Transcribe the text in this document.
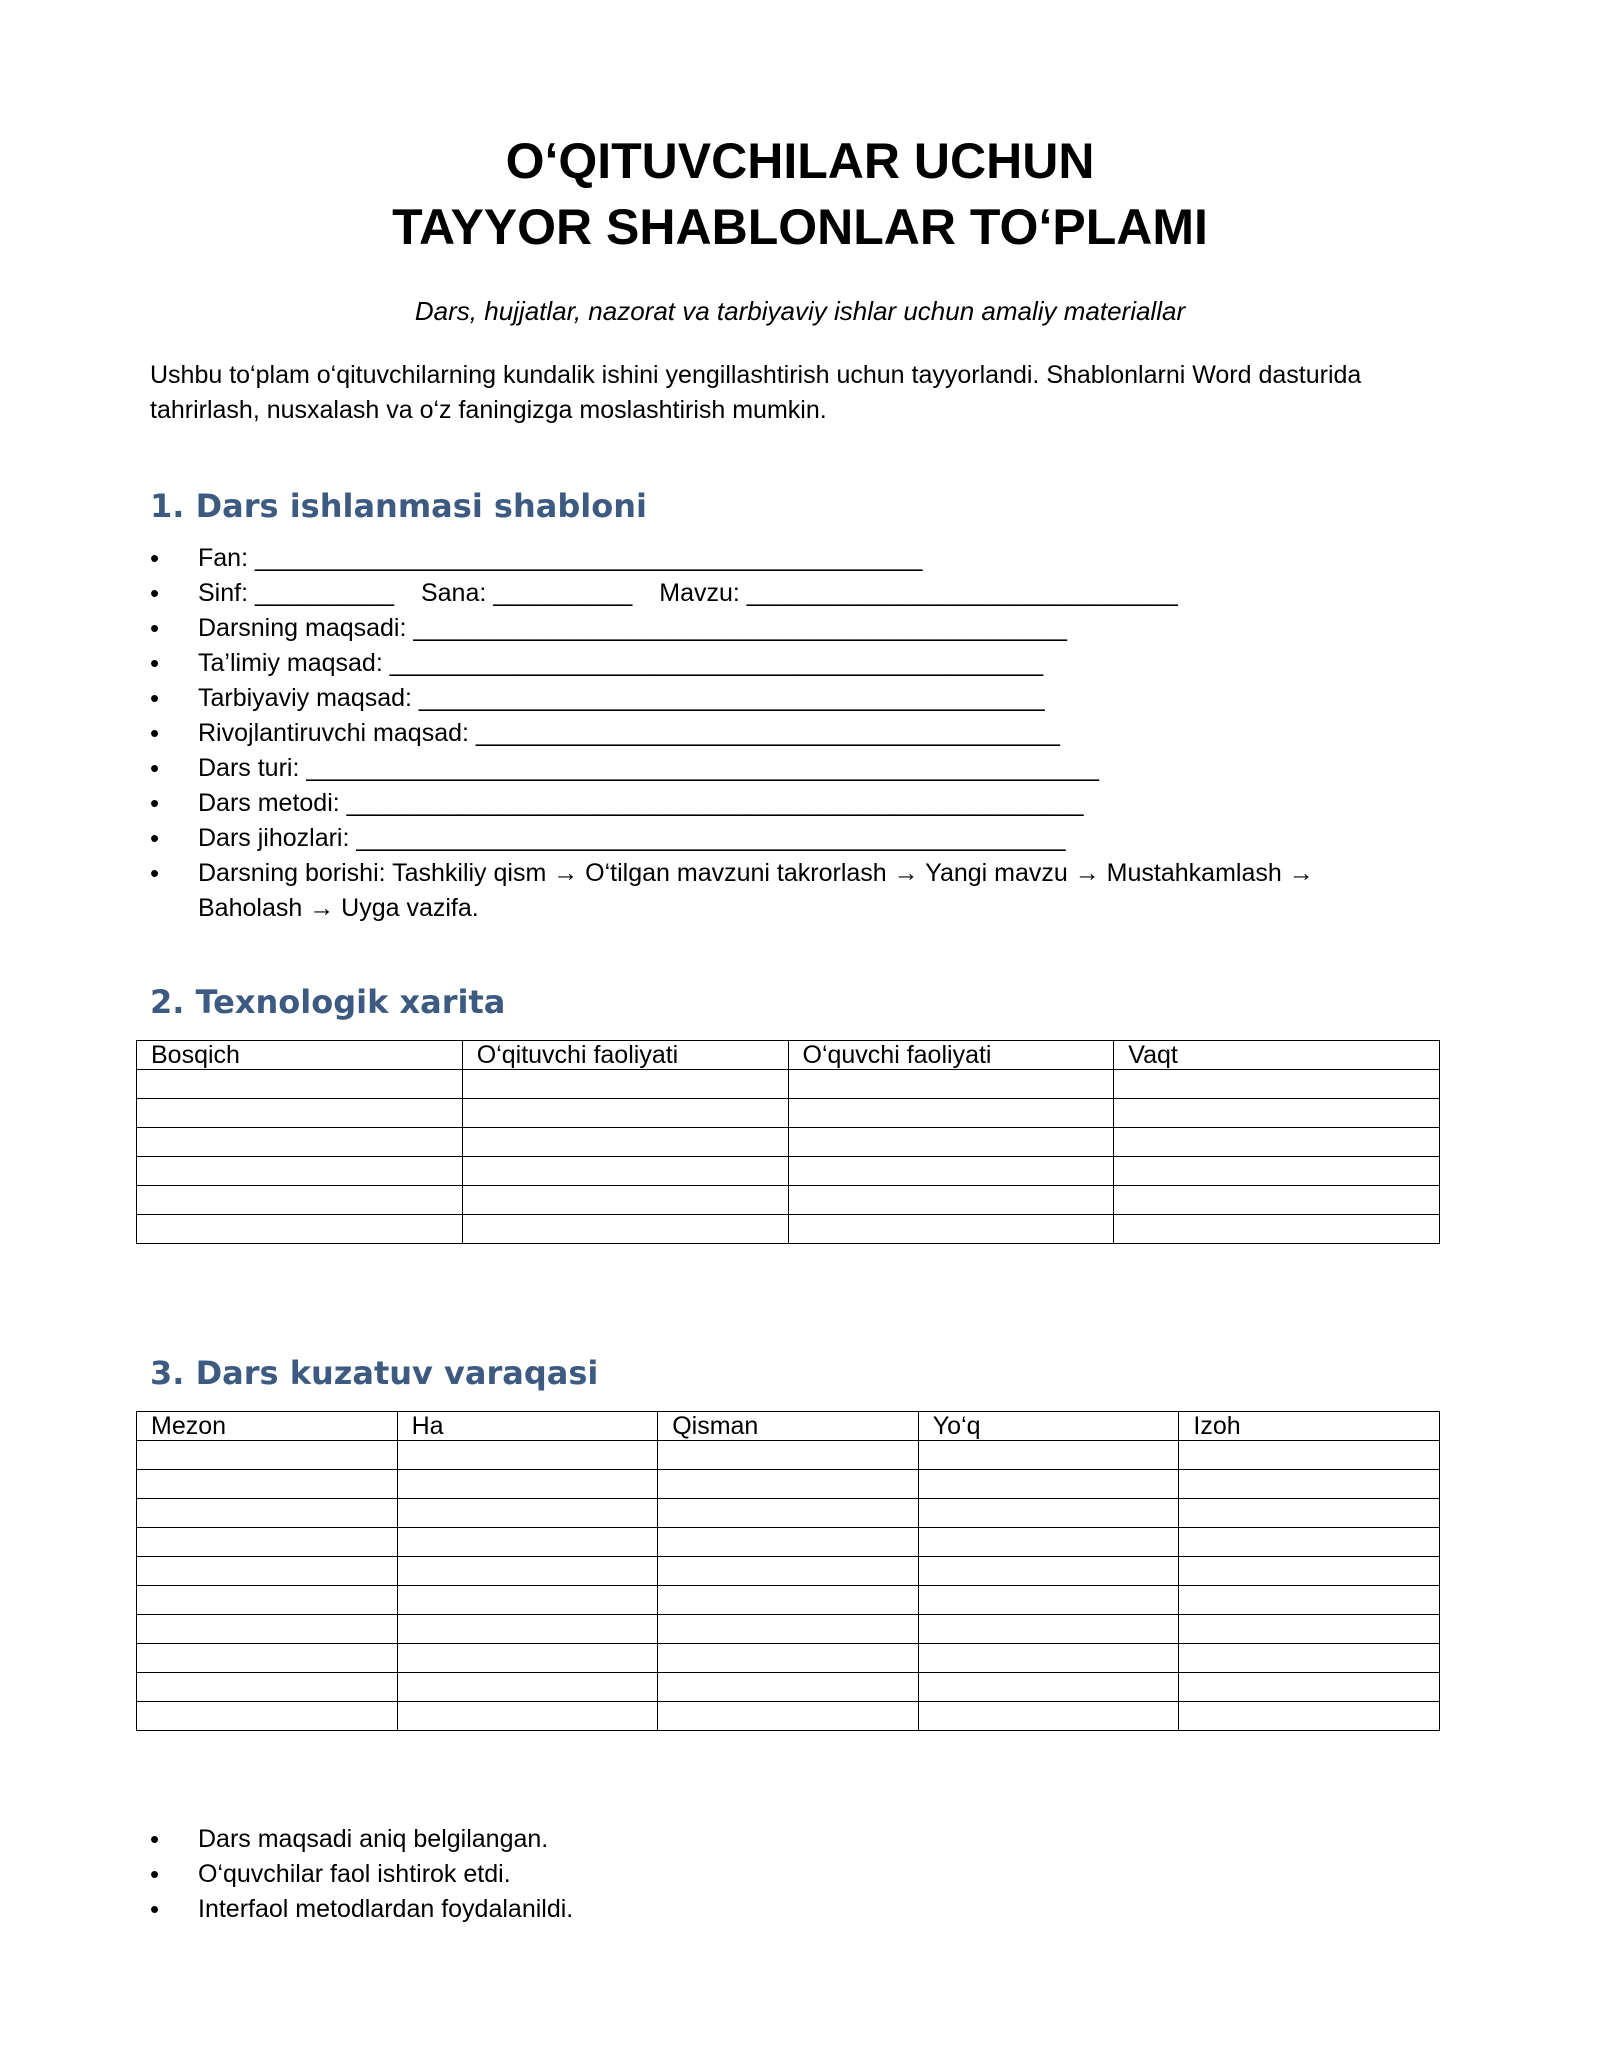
O‘QITUVCHILAR UCHUN
TAYYOR SHABLONLAR TO‘PLAMI
Dars, hujjatlar, nazorat va tarbiyaviy ishlar uchun amaliy materiallar
Ushbu to‘plam o‘qituvchilarning kundalik ishini yengillashtirish uchun tayyorlandi. Shablonlarni Word dasturida tahrirlash, nusxalash va o‘z faningizga moslashtirish mumkin.
1. Dars ishlanmasi shabloni
• Fan: ________________________________________________
• Sinf: __________ Sana: __________ Mavzu: _______________________________
• Darsning maqsadi: _______________________________________________
• Ta’limiy maqsad: _______________________________________________
• Tarbiyaviy maqsad: _____________________________________________
• Rivojlantiruvchi maqsad: __________________________________________
• Dars turi: _________________________________________________________
• Dars metodi: _____________________________________________________
• Dars jihozlari: ___________________________________________________
• Darsning borishi: Tashkiliy qism → O‘tilgan mavzuni takrorlash → Yangi mavzu → Mustahkamlash → Baholash → Uyga vazifa.
2. Texnologik xarita
Bosqich	O‘qituvchi faoliyati	O‘quvchi faoliyati	Vaqt

3. Dars kuzatuv varaqasi
Mezon	Ha	Qisman	Yo‘q	Izoh

• Dars maqsadi aniq belgilangan.
• O‘quvchilar faol ishtirok etdi.
• Interfaol metodlardan foydalanildi.
